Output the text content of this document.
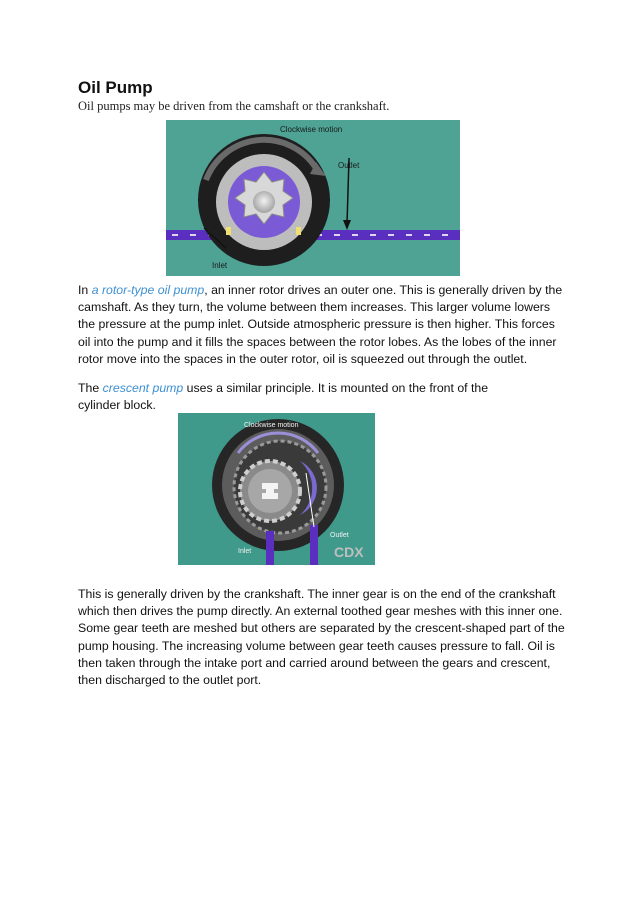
Oil Pump
Oil pumps may be driven from the camshaft or the crankshaft.
Clockwise motion
Outlet
Inlet
In a rotor-type oil pump, an inner rotor drives an outer one. This is generally driven by the camshaft. As they turn, the volume between them increases. This larger volume lowers the pressure at the pump inlet. Outside atmospheric pressure is then higher. This forces oil into the pump and it fills the spaces between the rotor lobes. As the lobes of the inner rotor move into the spaces in the outer rotor, oil is squeezed out through the outlet.
The crescent pump uses a similar principle. It is mounted on the front of the cylinder block.
Clockwise motion
Outlet
Inlet	CDX
This is generally driven by the crankshaft. The inner gear is on the end of the crankshaft which then drives the pump directly. An external toothed gear meshes with this inner one. Some gear teeth are meshed but others are separated by the crescent-shaped part of the pump housing. The increasing volume between gear teeth causes pressure to fall. Oil is then taken through the intake port and carried around between the gears and crescent, then discharged to the outlet port.
